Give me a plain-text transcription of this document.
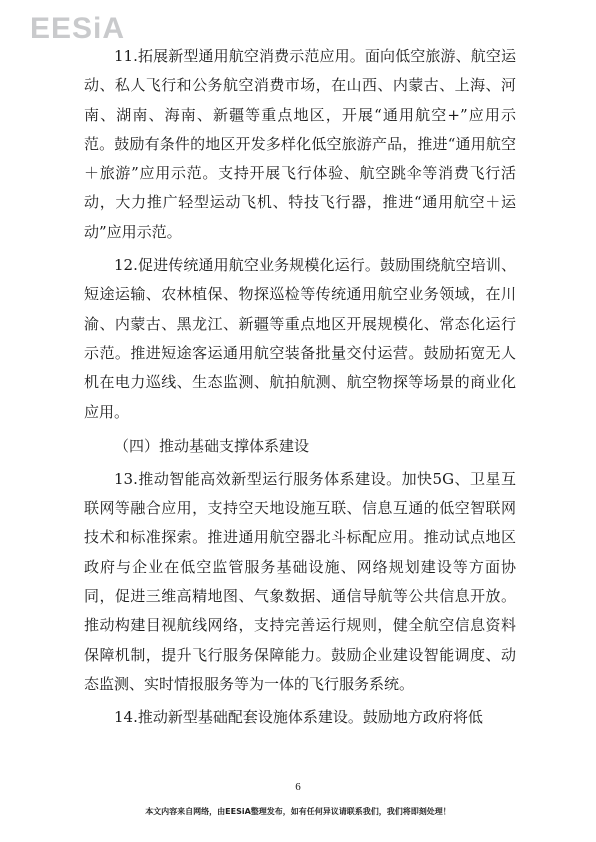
EESiA

11.拓展新型通用航空消费示范应用。面向低空旅游、航空运动、私人飞行和公务航空消费市场，在山西、内蒙古、上海、河南、湖南、海南、新疆等重点地区，开展“通用航空+”应用示范。鼓励有条件的地区开发多样化低空旅游产品，推进“通用航空＋旅游”应用示范。支持开展飞行体验、航空跳伞等消费飞行活动，大力推广轻型运动飞机、特技飞行器，推进“通用航空＋运动”应用示范。

12.促进传统通用航空业务规模化运行。鼓励围绕航空培训、短途运输、农林植保、物探巡检等传统通用航空业务领域，在川渝、内蒙古、黑龙江、新疆等重点地区开展规模化、常态化运行示范。推进短途客运通用航空装备批量交付运营。鼓励拓宽无人机在电力巡线、生态监测、航拍航测、航空物探等场景的商业化应用。

（四）推动基础支撑体系建设

13.推动智能高效新型运行服务体系建设。加快5G、卫星互联网等融合应用，支持空天地设施互联、信息互通的低空智联网技术和标准探索。推进通用航空器北斗标配应用。推动试点地区政府与企业在低空监管服务基础设施、网络规划建设等方面协同，促进三维高精地图、气象数据、通信导航等公共信息开放。推动构建目视航线网络，支持完善运行规则，健全航空信息资料保障机制，提升飞行服务保障能力。鼓励企业建设智能调度、动态监测、实时情报服务等为一体的飞行服务系统。

14.推动新型基础配套设施体系建设。鼓励地方政府将低

6
本文内容来自网络，由EESiA整理发布，如有任何异议请联系我们，我们将即刻处理！
